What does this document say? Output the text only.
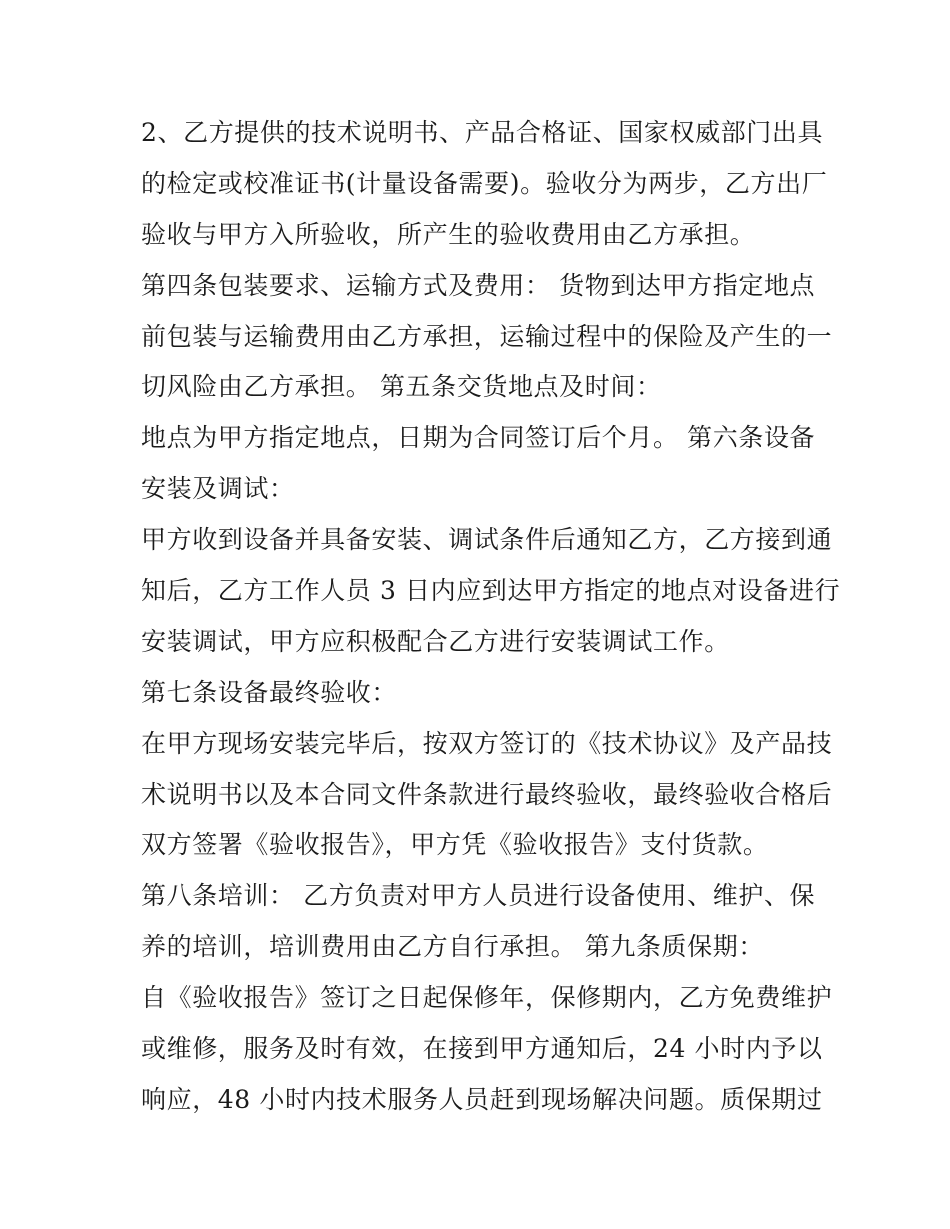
2、乙方提供的技术说明书、产品合格证、国家权威部门出具
的检定或校准证书(计量设备需要)。验收分为两步，乙方出厂
验收与甲方入所验收，所产生的验收费用由乙方承担。
第四条包装要求、运输方式及费用： 货物到达甲方指定地点
前包装与运输费用由乙方承担，运输过程中的保险及产生的一
切风险由乙方承担。 第五条交货地点及时间：
地点为甲方指定地点，日期为合同签订后个月。 第六条设备
安装及调试：
甲方收到设备并具备安装、调试条件后通知乙方，乙方接到通
知后，乙方工作人员 3 日内应到达甲方指定的地点对设备进行
安装调试，甲方应积极配合乙方进行安装调试工作。
第七条设备最终验收：
在甲方现场安装完毕后，按双方签订的《技术协议》及产品技
术说明书以及本合同文件条款进行最终验收，最终验收合格后
双方签署《验收报告》，甲方凭《验收报告》支付货款。
第八条培训： 乙方负责对甲方人员进行设备使用、维护、保
养的培训，培训费用由乙方自行承担。 第九条质保期：
自《验收报告》签订之日起保修年，保修期内，乙方免费维护
或维修，服务及时有效，在接到甲方通知后，24 小时内予以
响应，48 小时内技术服务人员赶到现场解决问题。质保期过
